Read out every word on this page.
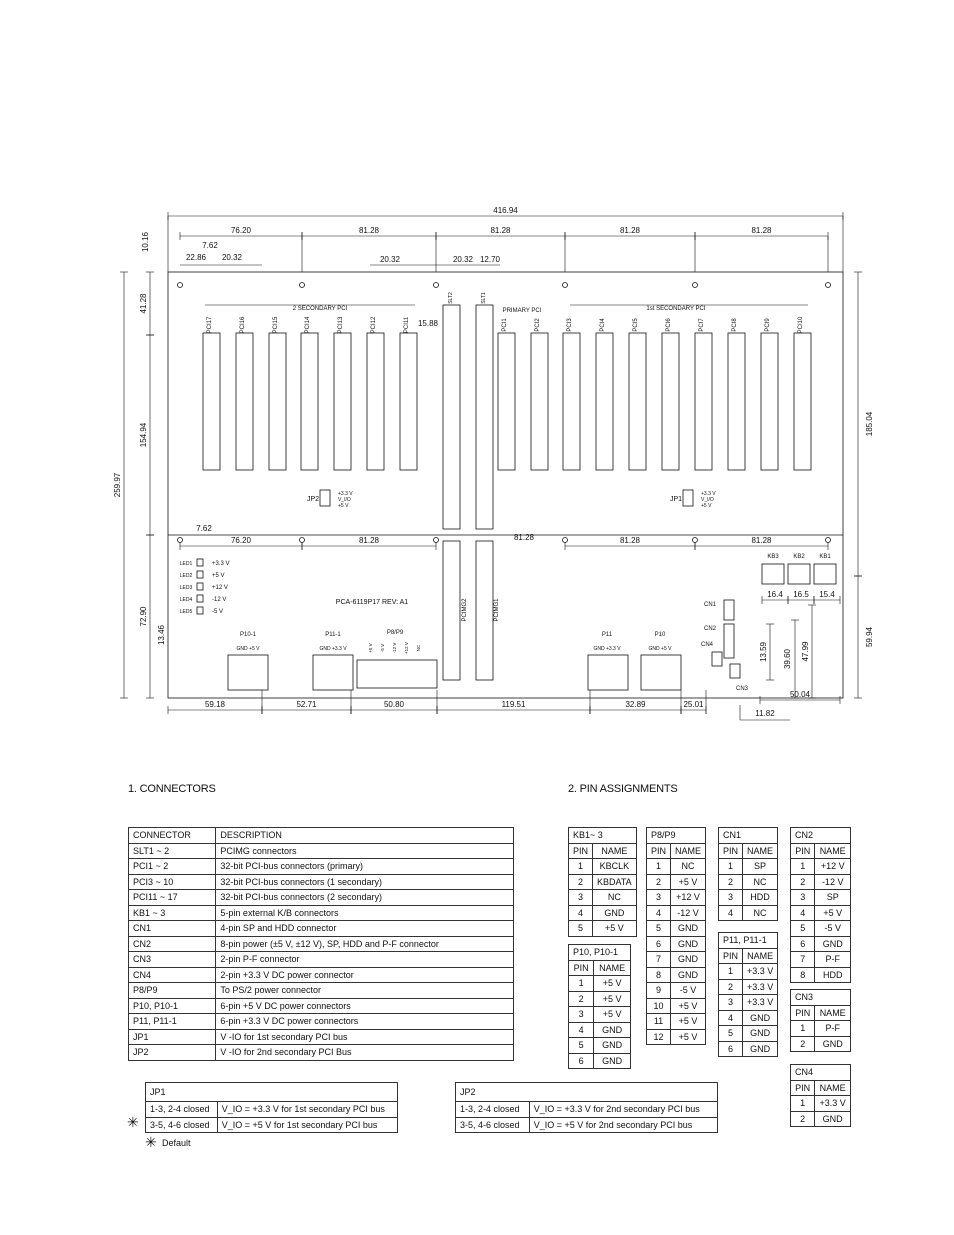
PCI17	PCI16	PCI15	PCI14	PCI13	PCI12	PCI11
2 SECONDARY PCI
15.88
SLT2	SLT1
PCI1	PCI2
PRIMARY PCI
PCI3	PCI4	PCI5	PCI6	PCI7	PCI8	PCI9	PCI10
1st SECONDARY PCI
PCIMG2	PCIMG1
JP2
+3.3 V
V_I/O
+5 V
JP1
+3.3 V
V_I/O
+5 V
LED1	+3.3 V
LED2	+5 V
LED3	+12 V
LED4	-12 V
LED5	-5 V
PCA-6119P17 REV: A1
P10-1
GND +5 V
P11-1
GND +3.3 V
P8/P9
+5 V -5 V -12 V +12 V NC
P11
GND +3.3 V
P10
GND +5 V
KB3 KB2 KB1
CN1
CN2
CN4
CN3
416.94
76.20	81.28	81.28	81.28	81.28
10.16	7.62
22.86 20.32	20.32	20.32 12.70
41.28
154.94
259.97
72.90
13.46
76.20
7.62
81.28	81.28	81.28	81.28
185.04
59.94
16.4 16.5 15.4
13.59 39.60 47.99
59.18	52.71	50.80	119.51	32.89	25.01
50.04
11.82
1. CONNECTORS	2. PIN ASSIGNMENTS
CONNECTOR	DESCRIPTION
SLT1 ~ 2	PCIMG connectors
PCI1 ~ 2	32-bit PCI-bus connectors (primary)
PCI3 ~ 10	32-bit PCI-bus connectors (1 secondary)
PCI11 ~ 17	32-bit PCI-bus connectors (2 secondary)
KB1 ~ 3	5-pin external K/B connectors
CN1	4-pin SP and HDD connector
CN2	8-pin power (±5 V, ±12 V), SP, HDD and P-F connector
CN3	2-pin P-F connector
CN4	2-pin +3.3 V DC power connector
P8/P9	To PS/2 power connector
P10, P10-1	6-pin +5 V DC power connectors
P11, P11-1	6-pin +3.3 V DC power connectors
JP1	V -IO for 1st secondary PCI bus
JP2	V -IO for 2nd secondary PCI Bus
KB1~ 3	
PIN	NAME
1	KBCLK
2	KBDATA
3	NC
4	GND
5	+5 V
P10, P10-1	
PIN	NAME
1	+5 V
2	+5 V
3	+5 V
4	GND
5	GND
6	GND
P8/P9	
PIN	NAME
1	NC
2	+5 V
3	+12 V
4	-12 V
5	GND
6	GND
7	GND
8	GND
9	-5 V
10	+5 V
11	+5 V
12	+5 V
CN1	
PIN	NAME
1	SP
2	NC
3	HDD
4	NC
P11, P11-1	
PIN	NAME
1	+3.3 V
2	+3.3 V
3	+3.3 V
4	GND
5	GND
6	GND
CN2	
PIN	NAME
1	+12 V
2	-12 V
3	SP
4	+5 V
5	-5 V
6	GND
7	P-F
8	HDD
CN3	
PIN	NAME
1	P-F
2	GND
CN4	
PIN	NAME
1	+3.3 V
2	GND
JP1	
1-3, 2-4 closed	V_IO = +3.3 V for 1st secondary PCI bus
3-5, 4-6 closed	V_IO = +5 V for 1st secondary PCI bus
JP2	
1-3, 2-4 closed	V_IO = +3.3 V for 2nd secondary PCI bus
3-5, 4-6 closed	V_IO = +5 V for 2nd secondary PCI bus
✳
✳ Default
